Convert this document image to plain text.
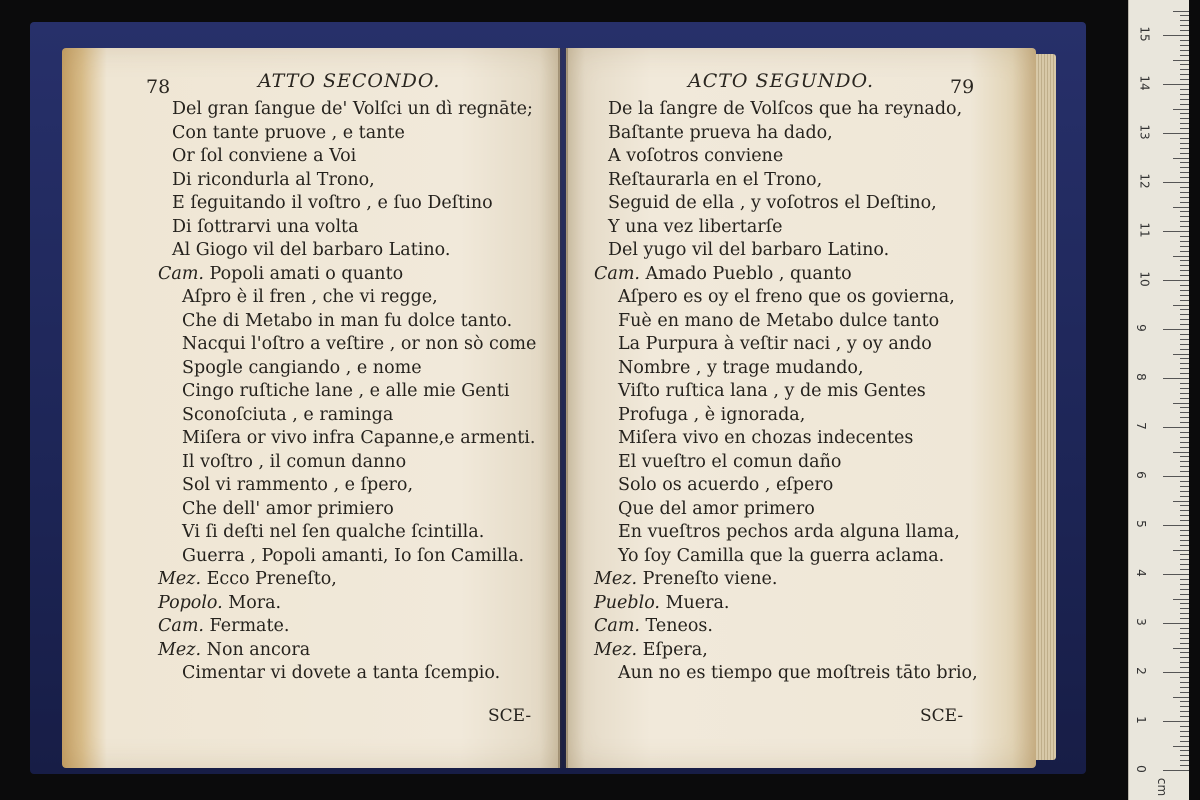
78	ATTO SECONDO.	ACTO SEGUNDO.	79
Del gran ſangue de' Volſci un dì regnāte;
Con tante pruove , e tante
Or ſol conviene a Voi
Di ricondurla al Trono,
E ſeguitando il voſtro , e ſuo Deſtino
Di ſottrarvi una volta
Al Giogo vil del barbaro Latino.
Cam. Popoli amati o quanto
Aſpro è il fren , che vi regge,
Che di Metabo in man fu dolce tanto.
Nacqui l'oſtro a veſtire , or non sò come
Spogle cangiando , e nome
Cingo ruſtiche lane , e alle mie Genti
Sconoſciuta , e raminga
Miſera or vivo infra Capanne,e armenti.
Il voſtro , il comun danno
Sol vi rammento , e ſpero,
Che dell' amor primiero
Vi ſi deſti nel ſen qualche ſcintilla.
Guerra , Popoli amanti, Io ſon Camilla.
Mez. Ecco Preneſto,
Popolo. Mora.
Cam. Fermate.
Mez. Non ancora
Cimentar vi dovete a tanta ſcempio.
De la ſangre de Volſcos que ha reynado,
Baſtante prueva ha dado,
A voſotros conviene
Reſtaurarla en el Trono,
Seguid de ella , y voſotros el Deſtino,
Y una vez libertarſe
Del yugo vil del barbaro Latino.
Cam. Amado Pueblo , quanto
Aſpero es oy el freno que os govierna,
Fuè en mano de Metabo dulce tanto
La Purpura à veſtir naci , y oy ando
Nombre , y trage mudando,
Viſto ruſtica lana , y de mis Gentes
Profuga , è ignorada,
Miſera vivo en chozas indecentes
El vueſtro el comun daño
Solo os acuerdo , eſpero
Que del amor primero
En vueſtros pechos arda alguna llama,
Yo ſoy Camilla que la guerra aclama.
Mez. Preneſto viene.
Pueblo. Muera.
Cam. Teneos.
Mez. Eſpera,
Aun no es tiempo que moſtreis tāto brio,
SCE-	SCE-
0
1
2
3
4
5
6
7
8
9
10
11
12
13
14
15
cm
